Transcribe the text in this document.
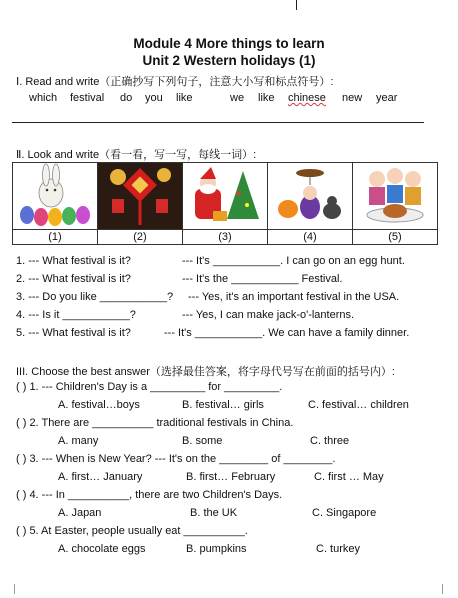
Module 4 More things to learn
Unit 2 Western holidays (1)
Ⅰ. Read and write（正确抄写下列句子，注意大小写和标点符号）:
which festival do you like	we like chinese new year
Ⅱ. Look and write（看一看，写一写，每线一词）:

(1)	(2)	(3)	(4)	(5)
1. --- What festival is it?	--- It's ___________. I can go on an egg hunt.
2. --- What festival is it?	--- It's the ___________ Festival.
3. --- Do you like ___________? --- Yes, it's an important festival in the USA.
4. --- Is it ___________?	--- Yes, I can make jack-o'-lanterns.
5. --- What festival is it?	--- It's ___________. We can have a family dinner.
III. Choose the best answer（选择最佳答案，将字母代号写在前面的括号内）:
( ) 1. --- Children's Day is a _________ for _________.
A. festival…boys	B. festival… girls	C. festival… children
( ) 2. There are __________ traditional festivals in China.
A. many	B. some	C. three
( ) 3. --- When is New Year? --- It's on the ________ of ________.
A. first… January	B. first… February	C. first … May
( ) 4. --- In __________, there are two Children's Days.
A. Japan	B. the UK	C. Singapore
( ) 5. At Easter, people usually eat __________.
A. chocolate eggs	B. pumpkins	C. turkey
